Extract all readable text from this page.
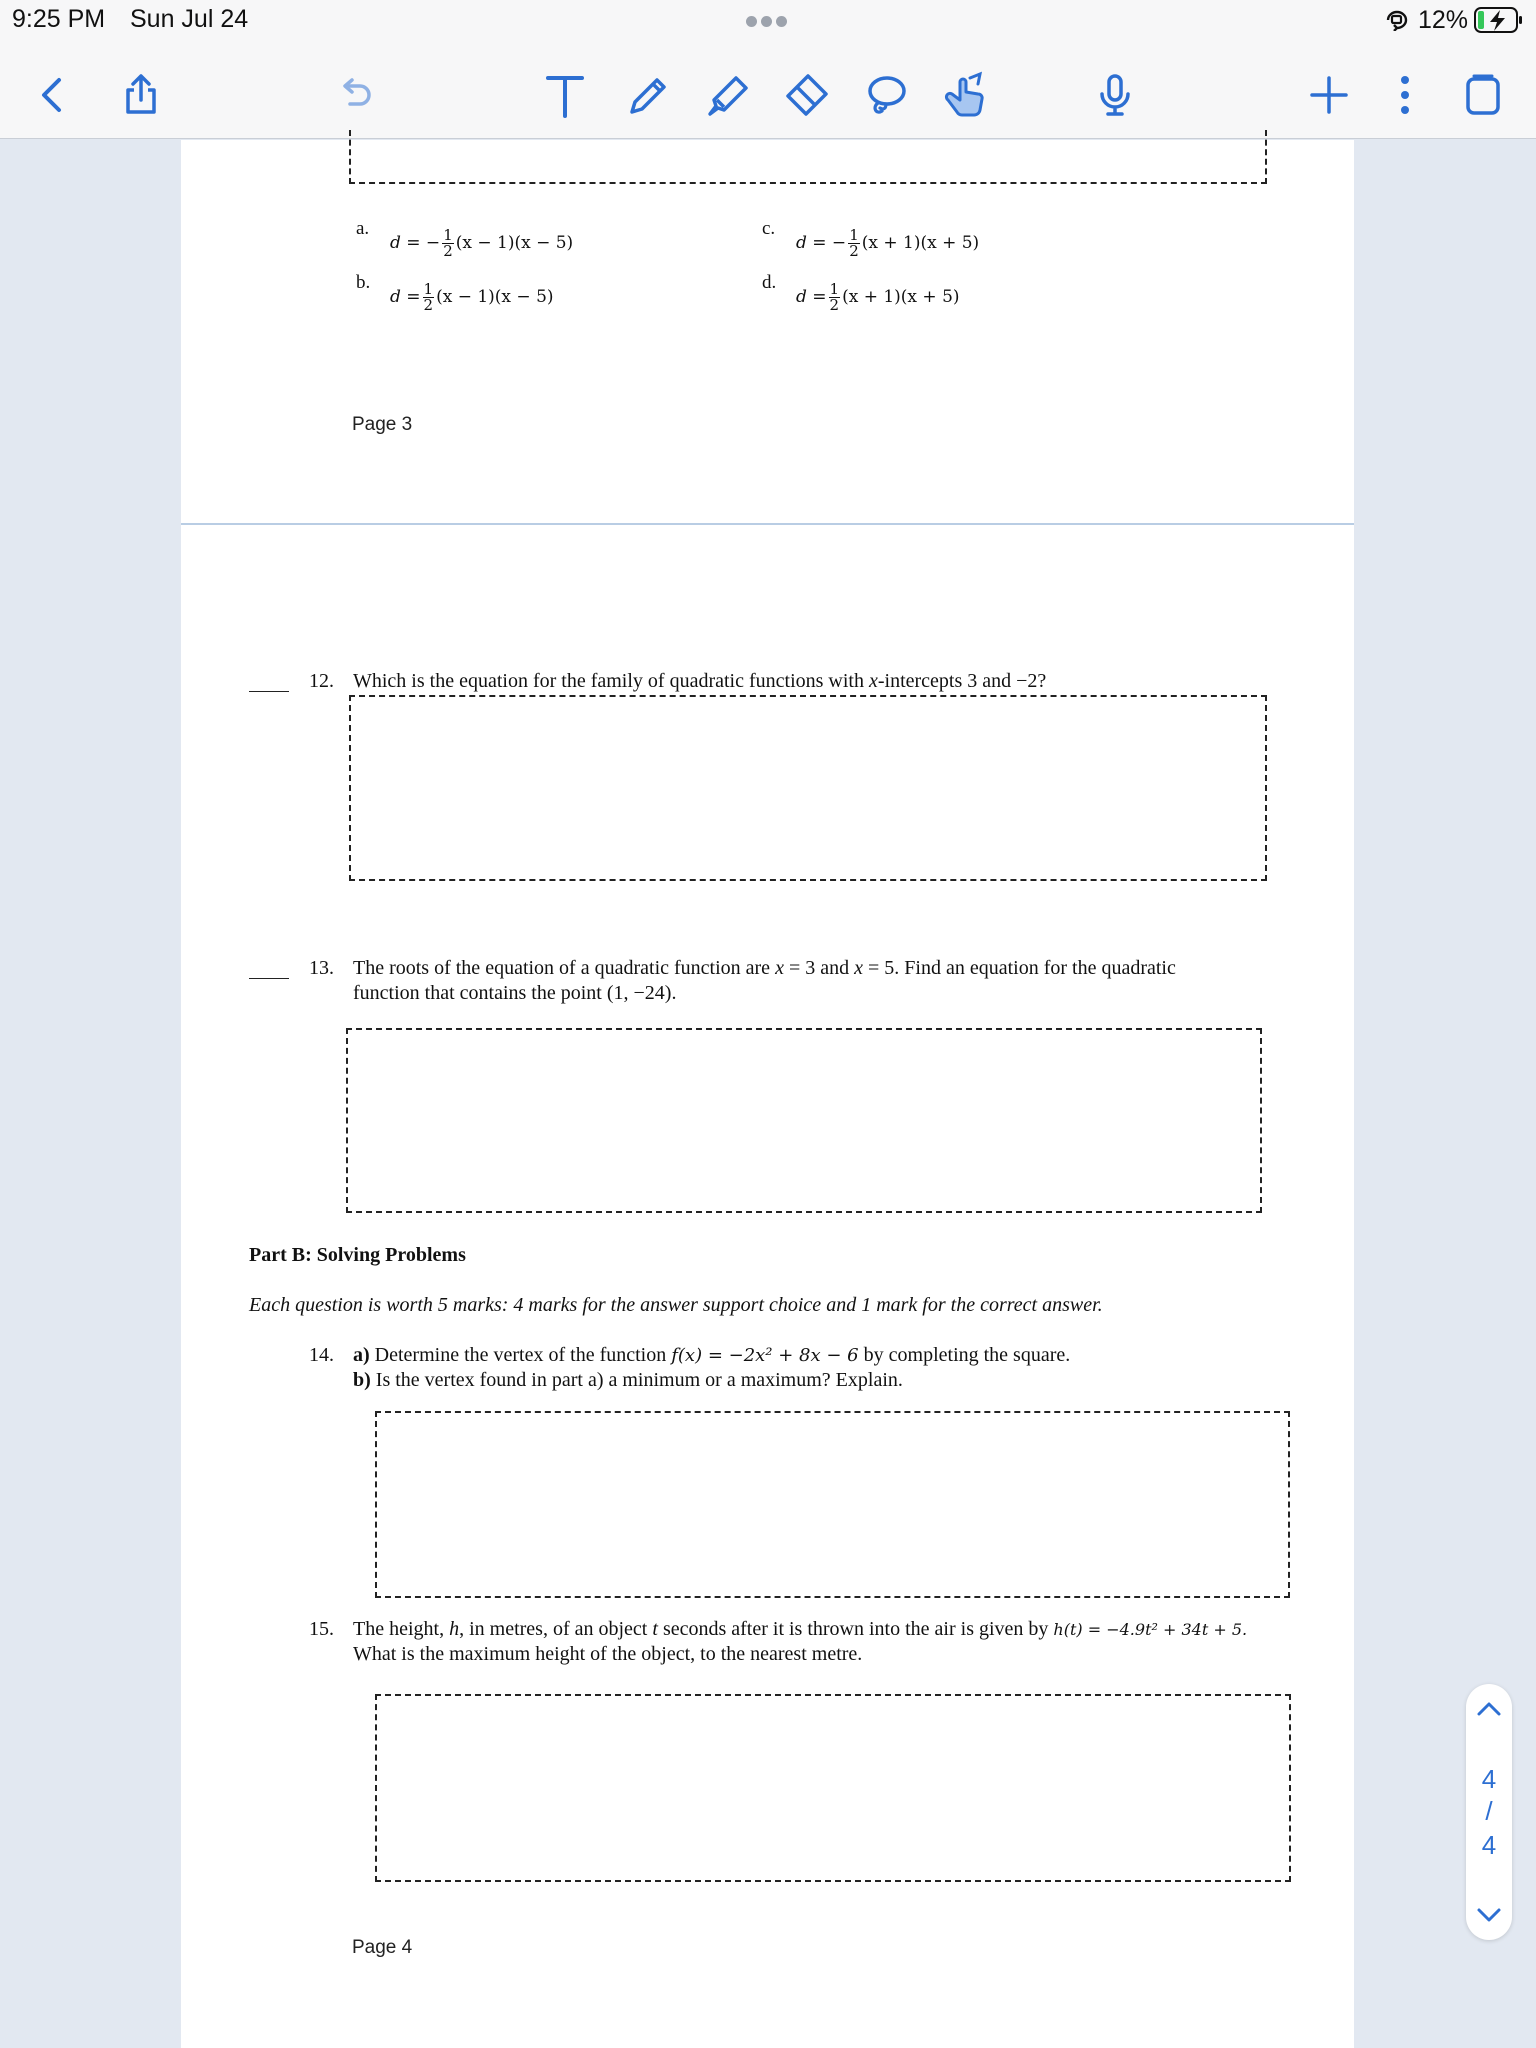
9:25 PM Sun Jul 24	12%
a.
d = − $\frac{1}{2} (x - 1)(x - 5)$
b.
$d = \frac{1}{2} (x - 1)(x - 5)$
c.
d = − $\frac{1}{2} (x + 1)(x + 5)$
d.
$d = \frac{1}{2} (x + 1)(x + 5)$
Page 3
12. Which is the equation for the family of quadratic functions with x-intercepts 3 and −2?
13. The roots of the equation of a quadratic function are x = 3 and x = 5. Find an equation for the quadratic
function that contains the point (1, −24).
Part B: Solving Problems
Each question is worth 5 marks: 4 marks for the answer support choice and 1 mark for the correct answer.
14. a) Determine the vertex of the function f(x) = −2x² + 8x − 6 by completing the square.
b) Is the vertex found in part a) a minimum or a maximum? Explain.
15. The height, h, in metres, of an object t seconds after it is thrown into the air is given by h(t) = −4.9t² + 34t + 5.
What is the maximum height of the object, to the nearest metre.
Page 4
4
/
4
